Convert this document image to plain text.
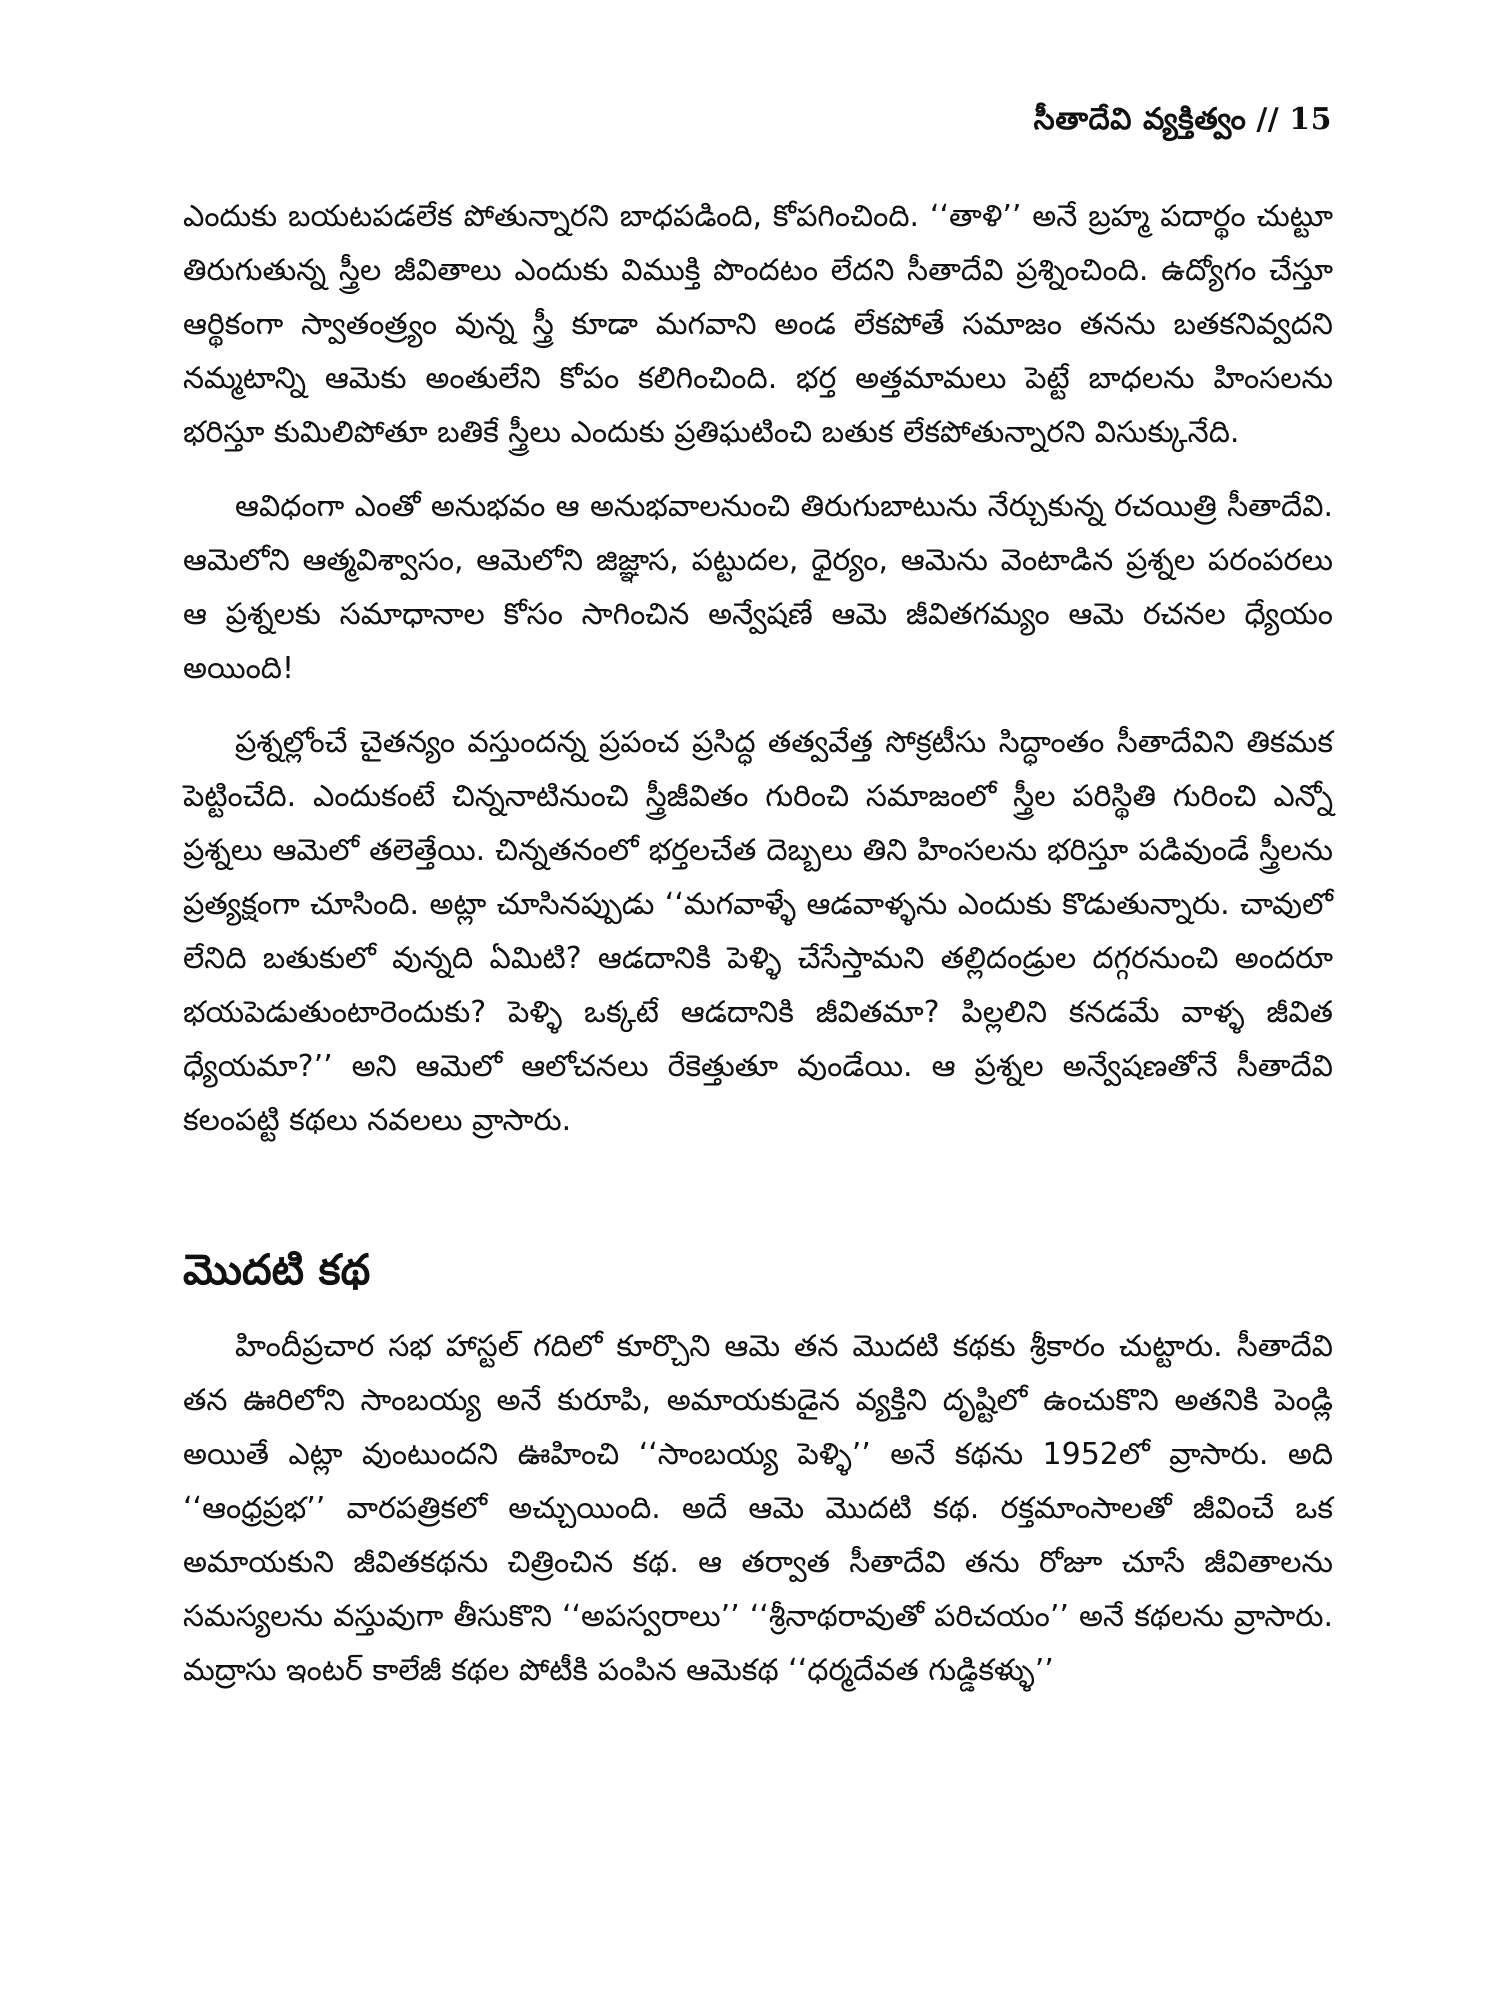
సీతాదేవి వ్యక్తిత్వం // 15

ఎందుకు బయటపడలేక పోతున్నారని బాధపడింది, కోపగించింది. ‘‘తాళి’’ అనే బ్రహ్మ పదార్థం చుట్టూ తిరుగుతున్న స్త్రీల జీవితాలు ఎందుకు విముక్తి పొందటం లేదని సీతాదేవి ప్రశ్నించింది. ఉద్యోగం చేస్తూ ఆర్థికంగా స్వాతంత్ర్యం వున్న స్త్రీ కూడా మగవాని అండ లేకపోతే సమాజం తనను బతకనివ్వదని నమ్మటాన్ని ఆమెకు అంతులేని కోపం కలిగించింది. భర్త అత్తమామలు పెట్టే బాధలను హింసలను భరిస్తూ కుమిలిపోతూ బతికే స్త్రీలు ఎందుకు ప్రతిఘటించి బతుక లేకపోతున్నారని విసుక్కునేది.

ఆవిధంగా ఎంతో అనుభవం ఆ అనుభవాలనుంచి తిరుగుబాటును నేర్చుకున్న రచయిత్రి సీతాదేవి. ఆమెలోని ఆత్మవిశ్వాసం, ఆమెలోని జిజ్ఞాస, పట్టుదల, ధైర్యం, ఆమెను వెంటాడిన ప్రశ్నల పరంపరలు ఆ ప్రశ్నలకు సమాధానాల కోసం సాగించిన అన్వేషణే ఆమె జీవితగమ్యం ఆమె రచనల ధ్యేయం అయింది!

ప్రశ్నల్లోంచే చైతన్యం వస్తుందన్న ప్రపంచ ప్రసిద్ధ తత్వవేత్త సోక్రటీసు సిద్ధాంతం సీతాదేవిని తికమక పెట్టించేది. ఎందుకంటే చిన్ననాటినుంచి స్త్రీజీవితం గురించి సమాజంలో స్త్రీల పరిస్థితి గురించి ఎన్నో ప్రశ్నలు ఆమెలో తలెత్తేయి. చిన్నతనంలో భర్తలచేత దెబ్బలు తిని హింసలను భరిస్తూ పడివుండే స్త్రీలను ప్రత్యక్షంగా చూసింది. అట్లా చూసినప్పుడు ‘‘మగవాళ్ళే ఆడవాళ్ళను ఎందుకు కొడుతున్నారు. చావులో లేనిది బతుకులో వున్నది ఏమిటి? ఆడదానికి పెళ్ళి చేసేస్తామని తల్లిదండ్రుల దగ్గరనుంచి అందరూ భయపెడుతుంటారెందుకు? పెళ్ళి ఒక్కటే ఆడదానికి జీవితమా? పిల్లలిని కనడమే వాళ్ళ జీవిత ధ్యేయమా?’’ అని ఆమెలో ఆలోచనలు రేకెత్తుతూ వుండేయి. ఆ ప్రశ్నల అన్వేషణతోనే సీతాదేవి కలంపట్టి కథలు నవలలు వ్రాసారు.

మొదటి కథ

హిందీప్రచార సభ హాస్టల్ గదిలో కూర్చొని ఆమె తన మొదటి కథకు శ్రీకారం చుట్టారు. సీతాదేవి తన ఊరిలోని సాంబయ్య అనే కురూపి, అమాయకుడైన వ్యక్తిని దృష్టిలో ఉంచుకొని అతనికి పెండ్లి అయితే ఎట్లా వుంటుందని ఊహించి ‘‘సాంబయ్య పెళ్ళి’’ అనే కథను 1952లో వ్రాసారు. అది ‘‘ఆంధ్రప్రభ’’ వారపత్రికలో అచ్చుయింది. అదే ఆమె మొదటి కథ. రక్తమాంసాలతో జీవించే ఒక అమాయకుని జీవితకథను చిత్రించిన కథ. ఆ తర్వాత సీతాదేవి తను రోజూ చూసే జీవితాలను సమస్యలను వస్తువుగా తీసుకొని ‘‘అపస్వరాలు’’ ‘‘శ్రీనాథరావుతో పరిచయం’’ అనే కథలను వ్రాసారు. మద్రాసు ఇంటర్ కాలేజీ కథల పోటీకి పంపిన ఆమెకథ ‘‘ధర్మదేవత గుడ్డికళ్ళు’’
